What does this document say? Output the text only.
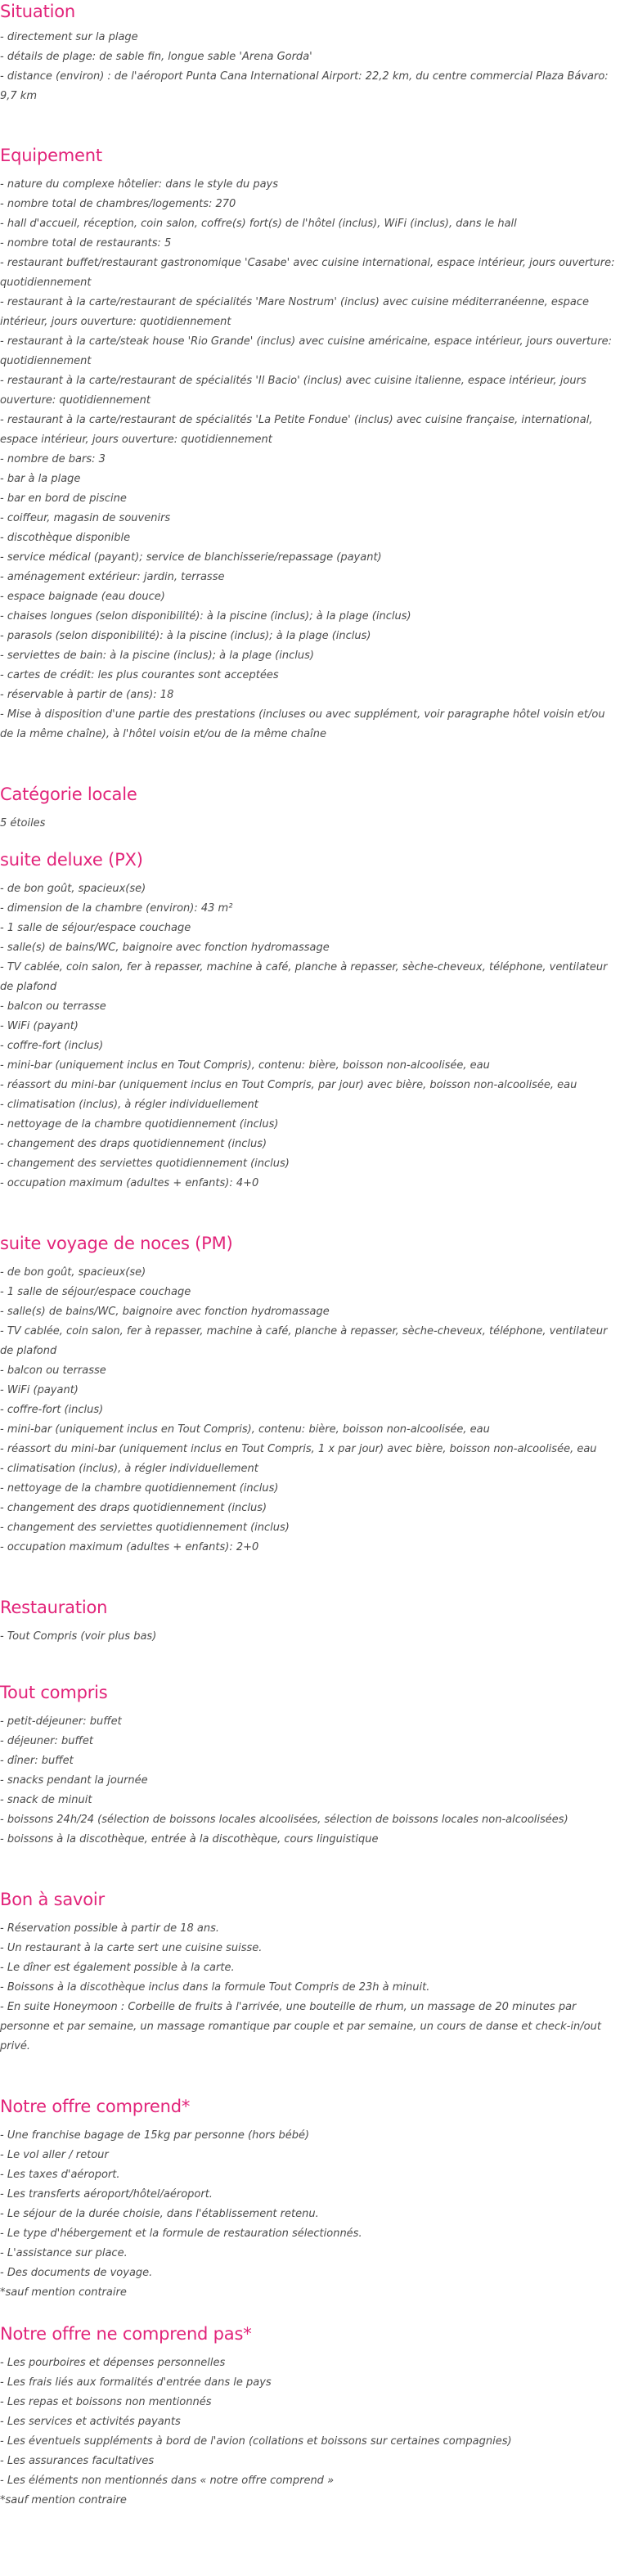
Situation

- directement sur la plage

- détails de plage: de sable fin, longue sable 'Arena Gorda'

- distance (environ) : de l'aéroport Punta Cana International Airport: 22,2 km, du centre commercial Plaza Bávaro: 9,7 km

Equipement

- nature du complexe hôtelier: dans le style du pays

- nombre total de chambres/logements: 270

- hall d'accueil, réception, coin salon, coffre(s) fort(s) de l'hôtel (inclus), WiFi (inclus), dans le hall

- nombre total de restaurants: 5

- restaurant buffet/restaurant gastronomique 'Casabe' avec cuisine international, espace intérieur, jours ouverture: quotidiennement

- restaurant à la carte/restaurant de spécialités 'Mare Nostrum' (inclus) avec cuisine méditerranéenne, espace intérieur, jours ouverture: quotidiennement

- restaurant à la carte/steak house 'Rio Grande' (inclus) avec cuisine américaine, espace intérieur, jours ouverture: quotidiennement

- restaurant à la carte/restaurant de spécialités 'Il Bacio' (inclus) avec cuisine italienne, espace intérieur, jours ouverture: quotidiennement

- restaurant à la carte/restaurant de spécialités 'La Petite Fondue' (inclus) avec cuisine française, international, espace intérieur, jours ouverture: quotidiennement

- nombre de bars: 3

- bar à la plage

- bar en bord de piscine

- coiffeur, magasin de souvenirs

- discothèque disponible

- service médical (payant); service de blanchisserie/repassage (payant)

- aménagement extérieur: jardin, terrasse

- espace baignade (eau douce)

- chaises longues (selon disponibilité): à la piscine (inclus); à la plage (inclus)

- parasols (selon disponibilité): à la piscine (inclus); à la plage (inclus)

- serviettes de bain: à la piscine (inclus); à la plage (inclus)

- cartes de crédit: les plus courantes sont acceptées

- réservable à partir de (ans): 18

- Mise à disposition d'une partie des prestations (incluses ou avec supplément, voir paragraphe hôtel voisin et/ou de la même chaîne), à l'hôtel voisin et/ou de la même chaîne

Catégorie locale

5 étoiles

suite deluxe (PX)

- de bon goût, spacieux(se)

- dimension de la chambre (environ): 43 m²

- 1 salle de séjour/espace couchage

- salle(s) de bains/WC, baignoire avec fonction hydromassage

- TV cablée, coin salon, fer à repasser, machine à café, planche à repasser, sèche-cheveux, téléphone, ventilateur de plafond

- balcon ou terrasse

- WiFi (payant)

- coffre-fort (inclus)

- mini-bar (uniquement inclus en Tout Compris), contenu: bière, boisson non-alcoolisée, eau

- réassort du mini-bar (uniquement inclus en Tout Compris, par jour) avec bière, boisson non-alcoolisée, eau

- climatisation (inclus), à régler individuellement

- nettoyage de la chambre quotidiennement (inclus)

- changement des draps quotidiennement (inclus)

- changement des serviettes quotidiennement (inclus)

- occupation maximum (adultes + enfants): 4+0

suite voyage de noces (PM)

- de bon goût, spacieux(se)

- 1 salle de séjour/espace couchage

- salle(s) de bains/WC, baignoire avec fonction hydromassage

- TV cablée, coin salon, fer à repasser, machine à café, planche à repasser, sèche-cheveux, téléphone, ventilateur de plafond

- balcon ou terrasse

- WiFi (payant)

- coffre-fort (inclus)

- mini-bar (uniquement inclus en Tout Compris), contenu: bière, boisson non-alcoolisée, eau

- réassort du mini-bar (uniquement inclus en Tout Compris, 1 x par jour) avec bière, boisson non-alcoolisée, eau

- climatisation (inclus), à régler individuellement

- nettoyage de la chambre quotidiennement (inclus)

- changement des draps quotidiennement (inclus)

- changement des serviettes quotidiennement (inclus)

- occupation maximum (adultes + enfants): 2+0

Restauration

- Tout Compris (voir plus bas)

Tout compris

- petit-déjeuner: buffet

- déjeuner: buffet

- dîner: buffet

- snacks pendant la journée

- snack de minuit

- boissons 24h/24 (sélection de boissons locales alcoolisées, sélection de boissons locales non-alcoolisées)

- boissons à la discothèque, entrée à la discothèque, cours linguistique

Bon à savoir

- Réservation possible à partir de 18 ans.

- Un restaurant à la carte sert une cuisine suisse.

- Le dîner est également possible à la carte.

- Boissons à la discothèque inclus dans la formule Tout Compris de 23h à minuit.

- En suite Honeymoon : Corbeille de fruits à l'arrivée, une bouteille de rhum, un massage de 20 minutes par personne et par semaine, un massage romantique par couple et par semaine, un cours de danse et check-in/out privé.

Notre offre comprend*

- Une franchise bagage de 15kg par personne (hors bébé)

- Le vol aller / retour

- Les taxes d'aéroport.

- Les transferts aéroport/hôtel/aéroport.

- Le séjour de la durée choisie, dans l'établissement retenu.

- Le type d'hébergement et la formule de restauration sélectionnés.

- L'assistance sur place.

- Des documents de voyage.

*sauf mention contraire

Notre offre ne comprend pas*

- Les pourboires et dépenses personnelles

- Les frais liés aux formalités d'entrée dans le pays

- Les repas et boissons non mentionnés

- Les services et activités payants

- Les éventuels suppléments à bord de l'avion (collations et boissons sur certaines compagnies)

- Les assurances facultatives

- Les éléments non mentionnés dans « notre offre comprend »

*sauf mention contraire
